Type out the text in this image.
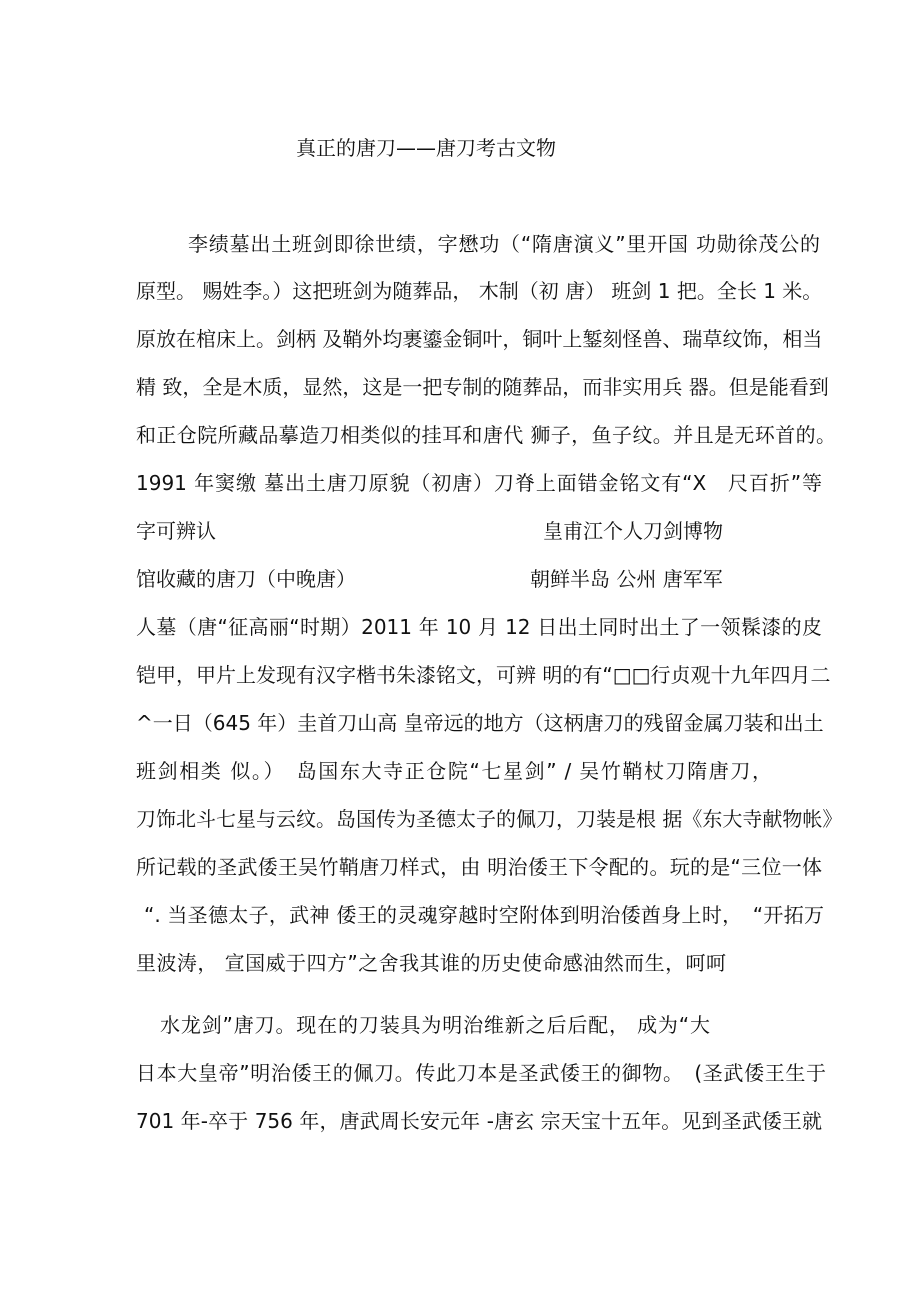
真正的唐刀——唐刀考古文物
李绩墓出土班剑即徐世绩，字懋功（“隋唐演义”里开国 功勋徐茂公的
原型。 赐姓李。）这把班剑为随葬品， 木制（初 唐） 班剑 1 把。全长 1 米。
原放在棺床上。剑柄 及鞘外均裹鎏金铜叶，铜叶上錾刻怪兽、瑞草纹饰，相当
精 致，全是木质，显然，这是一把专制的随葬品，而非实用兵 器。但是能看到
和正仓院所藏品摹造刀相类似的挂耳和唐代 狮子，鱼子纹。并且是无环首的。
1991 年窦缴 墓出土唐刀原貌（初唐）刀脊上面错金铭文有“X　尺百折”等
字可辨认	皇甫江个人刀剑博物
馆收藏的唐刀（中晚唐）	朝鲜半岛 公州 唐军军
人墓（唐“征高丽“时期）2011 年 10 月 12 日出土同时出土了一领髹漆的皮
铠甲，甲片上发现有汉字楷书朱漆铭文，可辨 明的有“□□行贞观十九年四月二
^一日（645 年）圭首刀山高 皇帝远的地方（这柄唐刀的残留金属刀装和出土
班剑相类 似。）　岛国东大寺正仓院“七星剑” / 吴竹鞘杖刀隋唐刀，
刀饰北斗七星与云纹。岛国传为圣德太子的佩刀，刀装是根 据《东大寺献物帐》
所记载的圣武倭王吴竹鞘唐刀样式，由 明治倭王下令配的。玩的是“三位一体
“. 当圣德太子，武神 倭王的灵魂穿越时空附体到明治倭酋身上时，　“开拓万
里波涛， 宣国威于四方”之舍我其谁的历史使命感油然而生，呵呵
水龙剑”唐刀。现在的刀装具为明治维新之后后配， 成为“大
日本大皇帝”明治倭王的佩刀。传此刀本是圣武倭王的御物。　(圣武倭王生于
701 年-卒于 756 年，唐武周长安元年 -唐玄 宗天宝十五年。见到圣武倭王就
